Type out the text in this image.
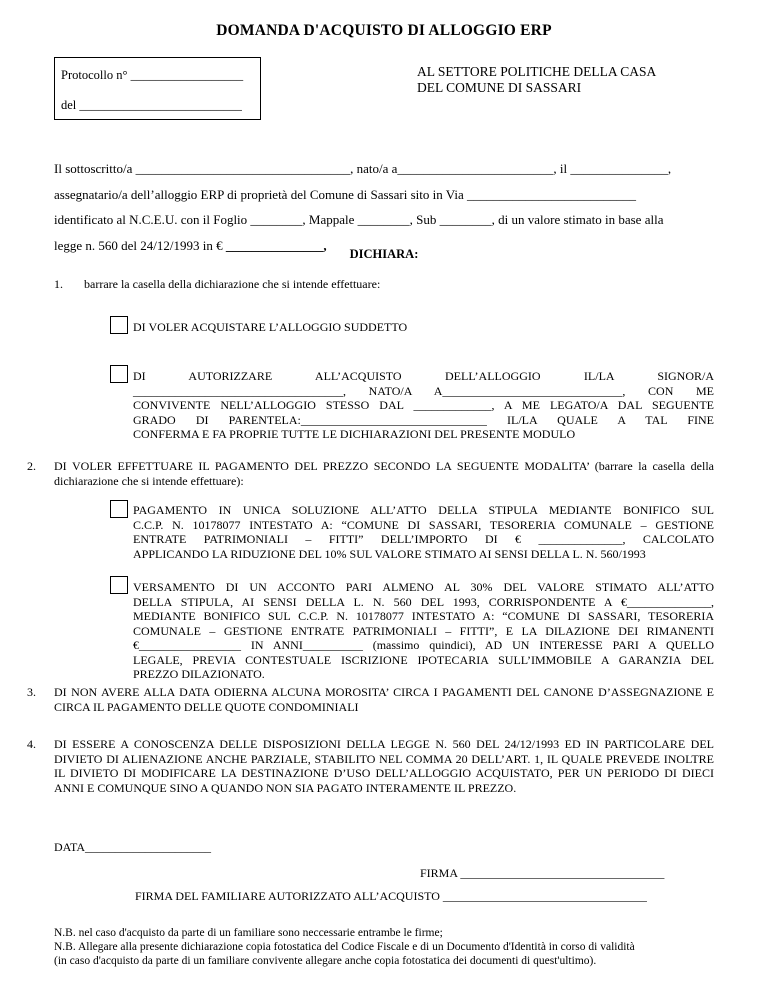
DOMANDA D'ACQUISTO DI ALLOGGIO ERP
Protocollo n° __________________
del __________________________
AL SETTORE POLITICHE DELLA CASA
DEL COMUNE DI SASSARI
Il sottoscritto/a _________________________________, nato/a a________________________, il _______________,
assegnatario/a dell’alloggio ERP di proprietà del Comune di Sassari sito in Via __________________________
identificato al N.C.E.U. con il Foglio ________, Mappale ________, Sub ________, di un valore stimato in base alla
legge n. 560 del 24/12/1993 in € _______________,
DICHIARA:
1. barrare la casella della dichiarazione che si intende effettuare:
DI VOLER ACQUISTARE L’ALLOGGIO SUDDETTO
DI AUTORIZZARE ALL’ACQUISTO DELL’ALLOGGIO IL/LA SIGNOR/A
___________________________________, NATO/A A______________________________, CON ME
CONVIVENTE NELL’ALLOGGIO STESSO DAL _____________, A ME LEGATO/A DAL SEGUENTE
GRADO DI PARENTELA:_______________________________ IL/LA QUALE A TAL FINE
CONFERMA E FA PROPRIE TUTTE LE DICHIARAZIONI DEL PRESENTE MODULO
2. DI VOLER EFFETTUARE IL PAGAMENTO DEL PREZZO SECONDO LA SEGUENTE MODALITA’ (barrare la casella della dichiarazione che si intende effettuare):
PAGAMENTO IN UNICA SOLUZIONE ALL’ATTO DELLA STIPULA MEDIANTE BONIFICO SUL
C.C.P. N. 10178077 INTESTATO A: “COMUNE DI SASSARI, TESORERIA COMUNALE – GESTIONE
ENTRATE PATRIMONIALI – FITTI” DELL’IMPORTO DI € ______________, CALCOLATO
APPLICANDO LA RIDUZIONE DEL 10% SUL VALORE STIMATO AI SENSI DELLA L. N. 560/1993
VERSAMENTO DI UN ACCONTO PARI ALMENO AL 30% DEL VALORE STIMATO ALL’ATTO
DELLA STIPULA, AI SENSI DELLA L. N. 560 DEL 1993, CORRISPONDENTE A €______________,
MEDIANTE BONIFICO SUL C.C.P. N. 10178077 INTESTATO A: “COMUNE DI SASSARI, TESORERIA
COMUNALE – GESTIONE ENTRATE PATRIMONIALI – FITTI”, E LA DILAZIONE DEI RIMANENTI
€_________________ IN ANNI__________ (massimo quindici), AD UN INTERESSE PARI A QUELLO
LEGALE, PREVIA CONTESTUALE ISCRIZIONE IPOTECARIA SULL’IMMOBILE A GARANZIA DEL
PREZZO DILAZIONATO.
3. DI NON AVERE ALLA DATA ODIERNA ALCUNA MOROSITA’ CIRCA I PAGAMENTI DEL CANONE D’ASSEGNAZIONE E CIRCA IL PAGAMENTO DELLE QUOTE CONDOMINIALI
4. DI ESSERE A CONOSCENZA DELLE DISPOSIZIONI DELLA LEGGE N. 560 DEL 24/12/1993 ED IN PARTICOLARE DEL DIVIETO DI ALIENAZIONE ANCHE PARZIALE, STABILITO NEL COMMA 20 DELL’ART. 1, IL QUALE PREVEDE INOLTRE IL DIVIETO DI MODIFICARE LA DESTINAZIONE D’USO DELL’ALLOGGIO ACQUISTATO, PER UN PERIODO DI DIECI ANNI E COMUNQUE SINO A QUANDO NON SIA PAGATO INTERAMENTE IL PREZZO.
DATA_____________________
FIRMA __________________________________
FIRMA DEL FAMILIARE AUTORIZZATO ALL’ACQUISTO __________________________________
N.B. nel caso d'acquisto da parte di un familiare sono neccessarie entrambe le firme;
N.B. Allegare alla presente dichiarazione copia fotostatica del Codice Fiscale e di un Documento d'Identità in corso di validità
(in caso d'acquisto da parte di un familiare convivente allegare anche copia fotostatica dei documenti di quest'ultimo).
